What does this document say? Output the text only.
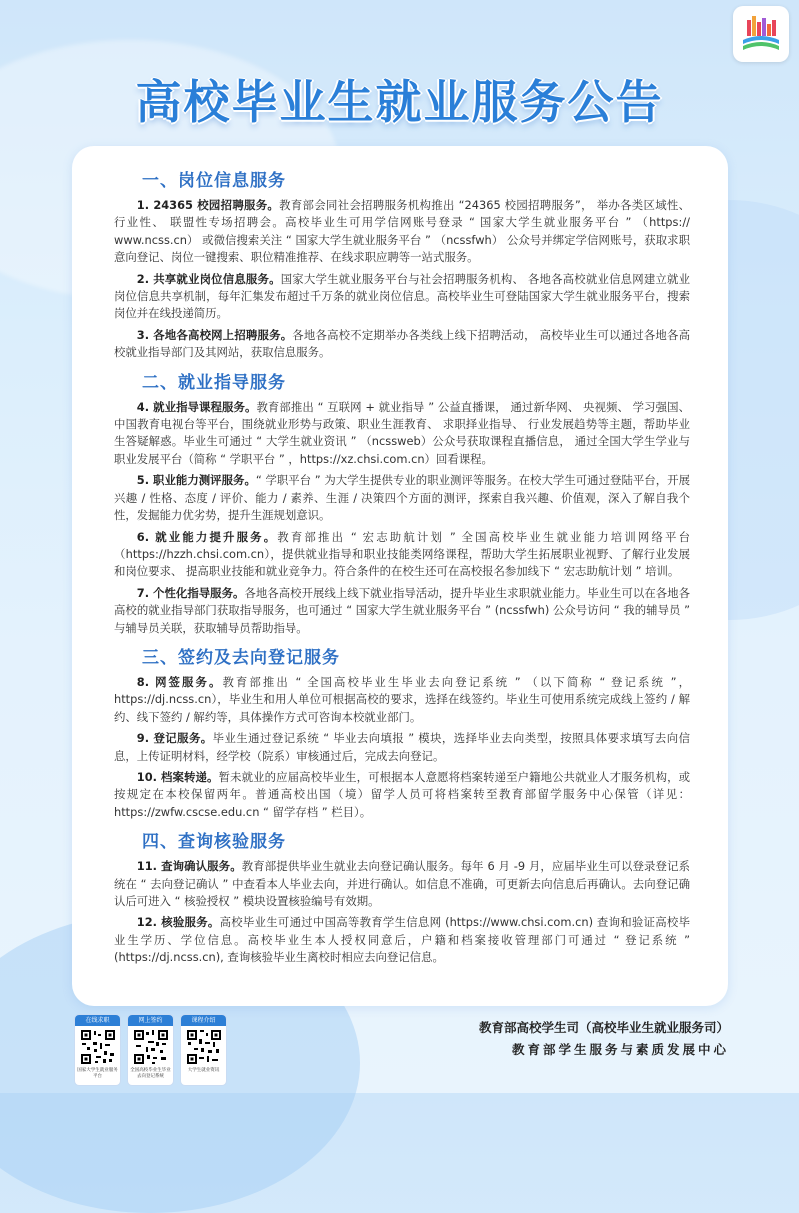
高校毕业生就业服务公告
一、岗位信息服务

1. 24365 校园招聘服务。教育部会同社会招聘服务机构推出 “24365 校园招聘服务”， 举办各类区域性、 行业性、 联盟性专场招聘会。高校毕业生可用学信网账号登录 “ 国家大学生就业服务平台 ” （https:// www.ncss.cn） 或微信搜索关注 “ 国家大学生就业服务平台 ” （ncssfwh） 公众号并绑定学信网账号，获取求职意向登记、岗位一键搜索、职位精准推荐、在线求职应聘等一站式服务。

2. 共享就业岗位信息服务。国家大学生就业服务平台与社会招聘服务机构、 各地各高校就业信息网建立就业岗位信息共享机制，每年汇集发布超过千万条的就业岗位信息。高校毕业生可登陆国家大学生就业服务平台，搜索岗位并在线投递简历。

3. 各地各高校网上招聘服务。各地各高校不定期举办各类线上线下招聘活动， 高校毕业生可以通过各地各高校就业指导部门及其网站，获取信息服务。

二、就业指导服务

4. 就业指导课程服务。教育部推出 “ 互联网 + 就业指导 ” 公益直播课， 通过新华网、 央视频、 学习强国、 中国教育电视台等平台，围绕就业形势与政策、职业生涯教育、 求职择业指导、 行业发展趋势等主题，帮助毕业生答疑解惑。毕业生可通过 “ 大学生就业资讯 ” （ncssweb）公众号获取课程直播信息， 通过全国大学生学业与职业发展平台（简称 “ 学职平台 ” ，https://xz.chsi.com.cn）回看课程。

5. 职业能力测评服务。“ 学职平台 ” 为大学生提供专业的职业测评等服务。在校大学生可通过登陆平台，开展兴趣 / 性格、态度 / 评价、能力 / 素养、生涯 / 决策四个方面的测评，探索自我兴趣、价值观，深入了解自我个性，发掘能力优劣势，提升生涯规划意识。

6. 就业能力提升服务。教育部推出 “ 宏志助航计划 ” 全国高校毕业生就业能力培训网络平台（https://hzzh.chsi.com.cn），提供就业指导和职业技能类网络课程，帮助大学生拓展职业视野、了解行业发展和岗位要求、 提高职业技能和就业竞争力。符合条件的在校生还可在高校报名参加线下 “ 宏志助航计划 ” 培训。

7. 个性化指导服务。各地各高校开展线上线下就业指导活动，提升毕业生求职就业能力。毕业生可以在各地各高校的就业指导部门获取指导服务，也可通过 “ 国家大学生就业服务平台 ” (ncssfwh) 公众号访问 “ 我的辅导员 ” 与辅导员关联，获取辅导员帮助指导。

三、签约及去向登记服务

8. 网签服务。教育部推出 “ 全国高校毕业生毕业去向登记系统 ” （以下简称 “ 登记系统 ”，https://dj.ncss.cn），毕业生和用人单位可根据高校的要求，选择在线签约。毕业生可使用系统完成线上签约 / 解约、线下签约 / 解约等，具体操作方式可咨询本校就业部门。

9. 登记服务。毕业生通过登记系统 “ 毕业去向填报 ” 模块，选择毕业去向类型，按照具体要求填写去向信息，上传证明材料，经学校（院系）审核通过后，完成去向登记。

10. 档案转递。暂未就业的应届高校毕业生，可根据本人意愿将档案转递至户籍地公共就业人才服务机构，或按规定在本校保留两年。普通高校出国（境）留学人员可将档案转至教育部留学服务中心保管（详见： https://zwfw.cscse.edu.cn “ 留学存档 ” 栏目）。

四、查询核验服务

11. 查询确认服务。教育部提供毕业生就业去向登记确认服务。每年 6 月 -9 月，应届毕业生可以登录登记系统在 “ 去向登记确认 ” 中查看本人毕业去向，并进行确认。如信息不准确，可更新去向信息后再确认。去向登记确认后可进入 “ 核验授权 ” 模块设置核验编号有效期。

12. 核验服务。高校毕业生可通过中国高等教育学生信息网 (https://www.chsi.com.cn) 查询和验证高校毕业生学历、学位信息。高校毕业生本人授权同意后，户籍和档案接收管理部门可通过 “ 登记系统 ” (https://dj.ncss.cn), 查询核验毕业生离校时相应去向登记信息。

在线求职
国家大学生就业服务平台
网上签约
全国高校毕业生毕业去向登记系统
课程介绍
大学生就业资讯
教育部高校学生司（高校毕业生就业服务司）
教育部学生服务与素质发展中心
